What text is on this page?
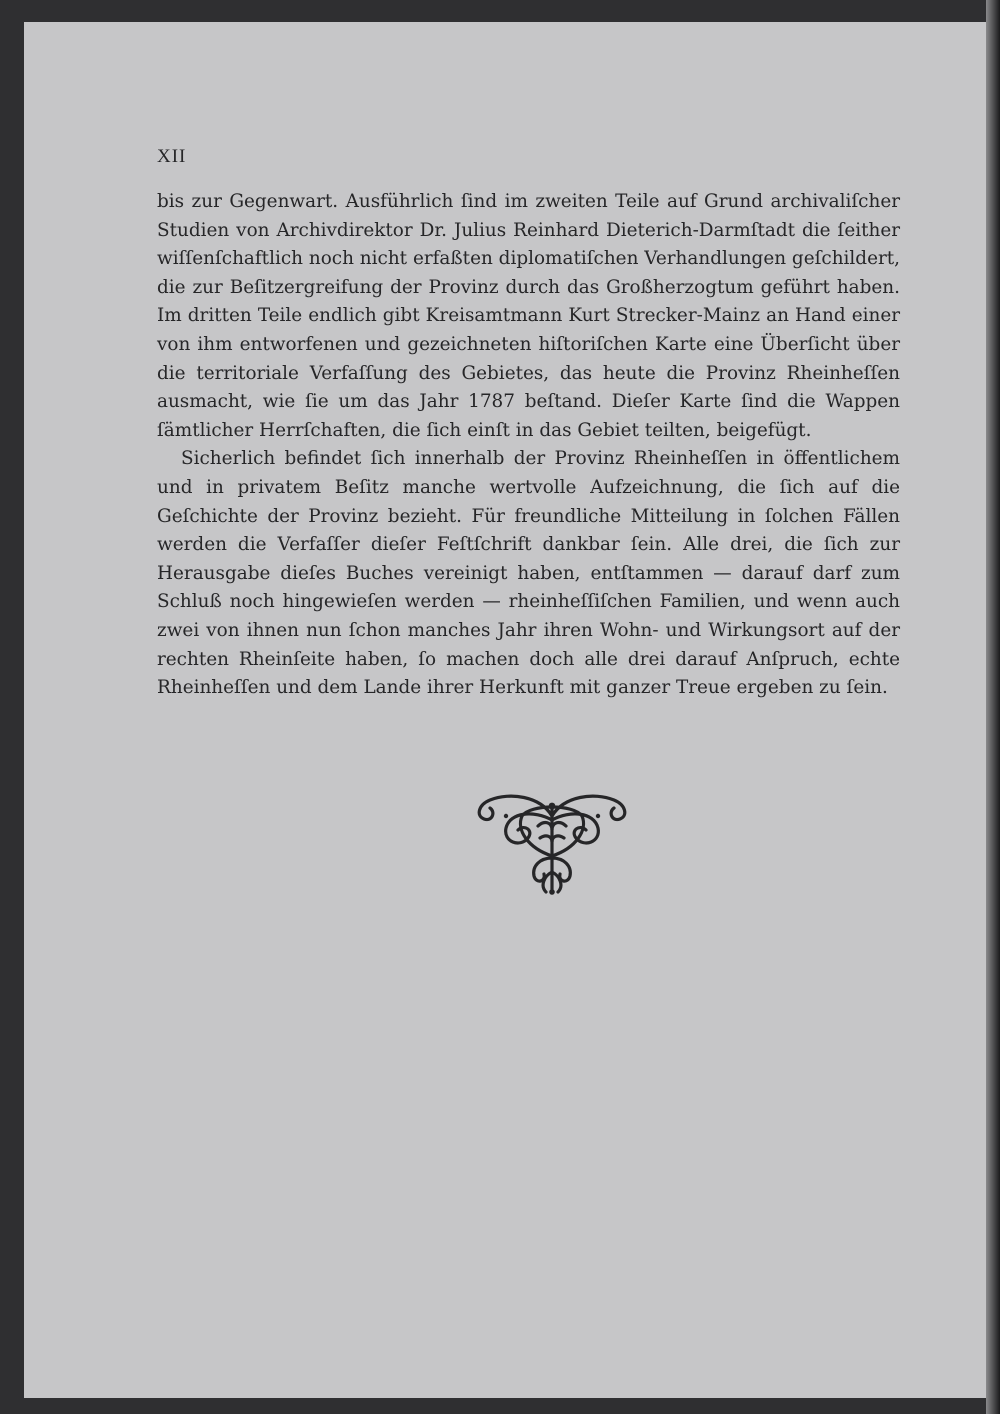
XII

bis zur Gegenwart. Ausführlich ſind im zweiten Teile auf Grund archivaliſcher Studien von Archivdirektor Dr. Julius Reinhard Dieterich-Darmſtadt die ſeither wiſſenſchaftlich noch nicht erfaßten diplomatiſchen Verhandlungen geſchildert, die zur Beſitzergreifung der Provinz durch das Großherzogtum geführt haben. Im dritten Teile endlich gibt Kreisamtmann Kurt Strecker-Mainz an Hand einer von ihm entworfenen und gezeichneten hiſtoriſchen Karte eine Überſicht über die territoriale Verfaſſung des Gebietes, das heute die Provinz Rheinheſſen ausmacht, wie ſie um das Jahr 1787 beſtand. Dieſer Karte ſind die Wappen ſämtlicher Herrſchaften, die ſich einſt in das Gebiet teilten, beigefügt.

Sicherlich befindet ſich innerhalb der Provinz Rheinheſſen in öffentlichem und in privatem Beſitz manche wertvolle Aufzeichnung, die ſich auf die Geſchichte der Provinz bezieht. Für freundliche Mitteilung in ſolchen Fällen werden die Verfaſſer dieſer Feſtſchrift dankbar ſein. Alle drei, die ſich zur Herausgabe dieſes Buches vereinigt haben, entſtammen — darauf darf zum Schluß noch hingewieſen werden — rheinheſſiſchen Familien, und wenn auch zwei von ihnen nun ſchon manches Jahr ihren Wohn- und Wirkungsort auf der rechten Rheinſeite haben, ſo machen doch alle drei darauf Anſpruch, echte Rheinheſſen und dem Lande ihrer Herkunft mit ganzer Treue ergeben zu ſein.
